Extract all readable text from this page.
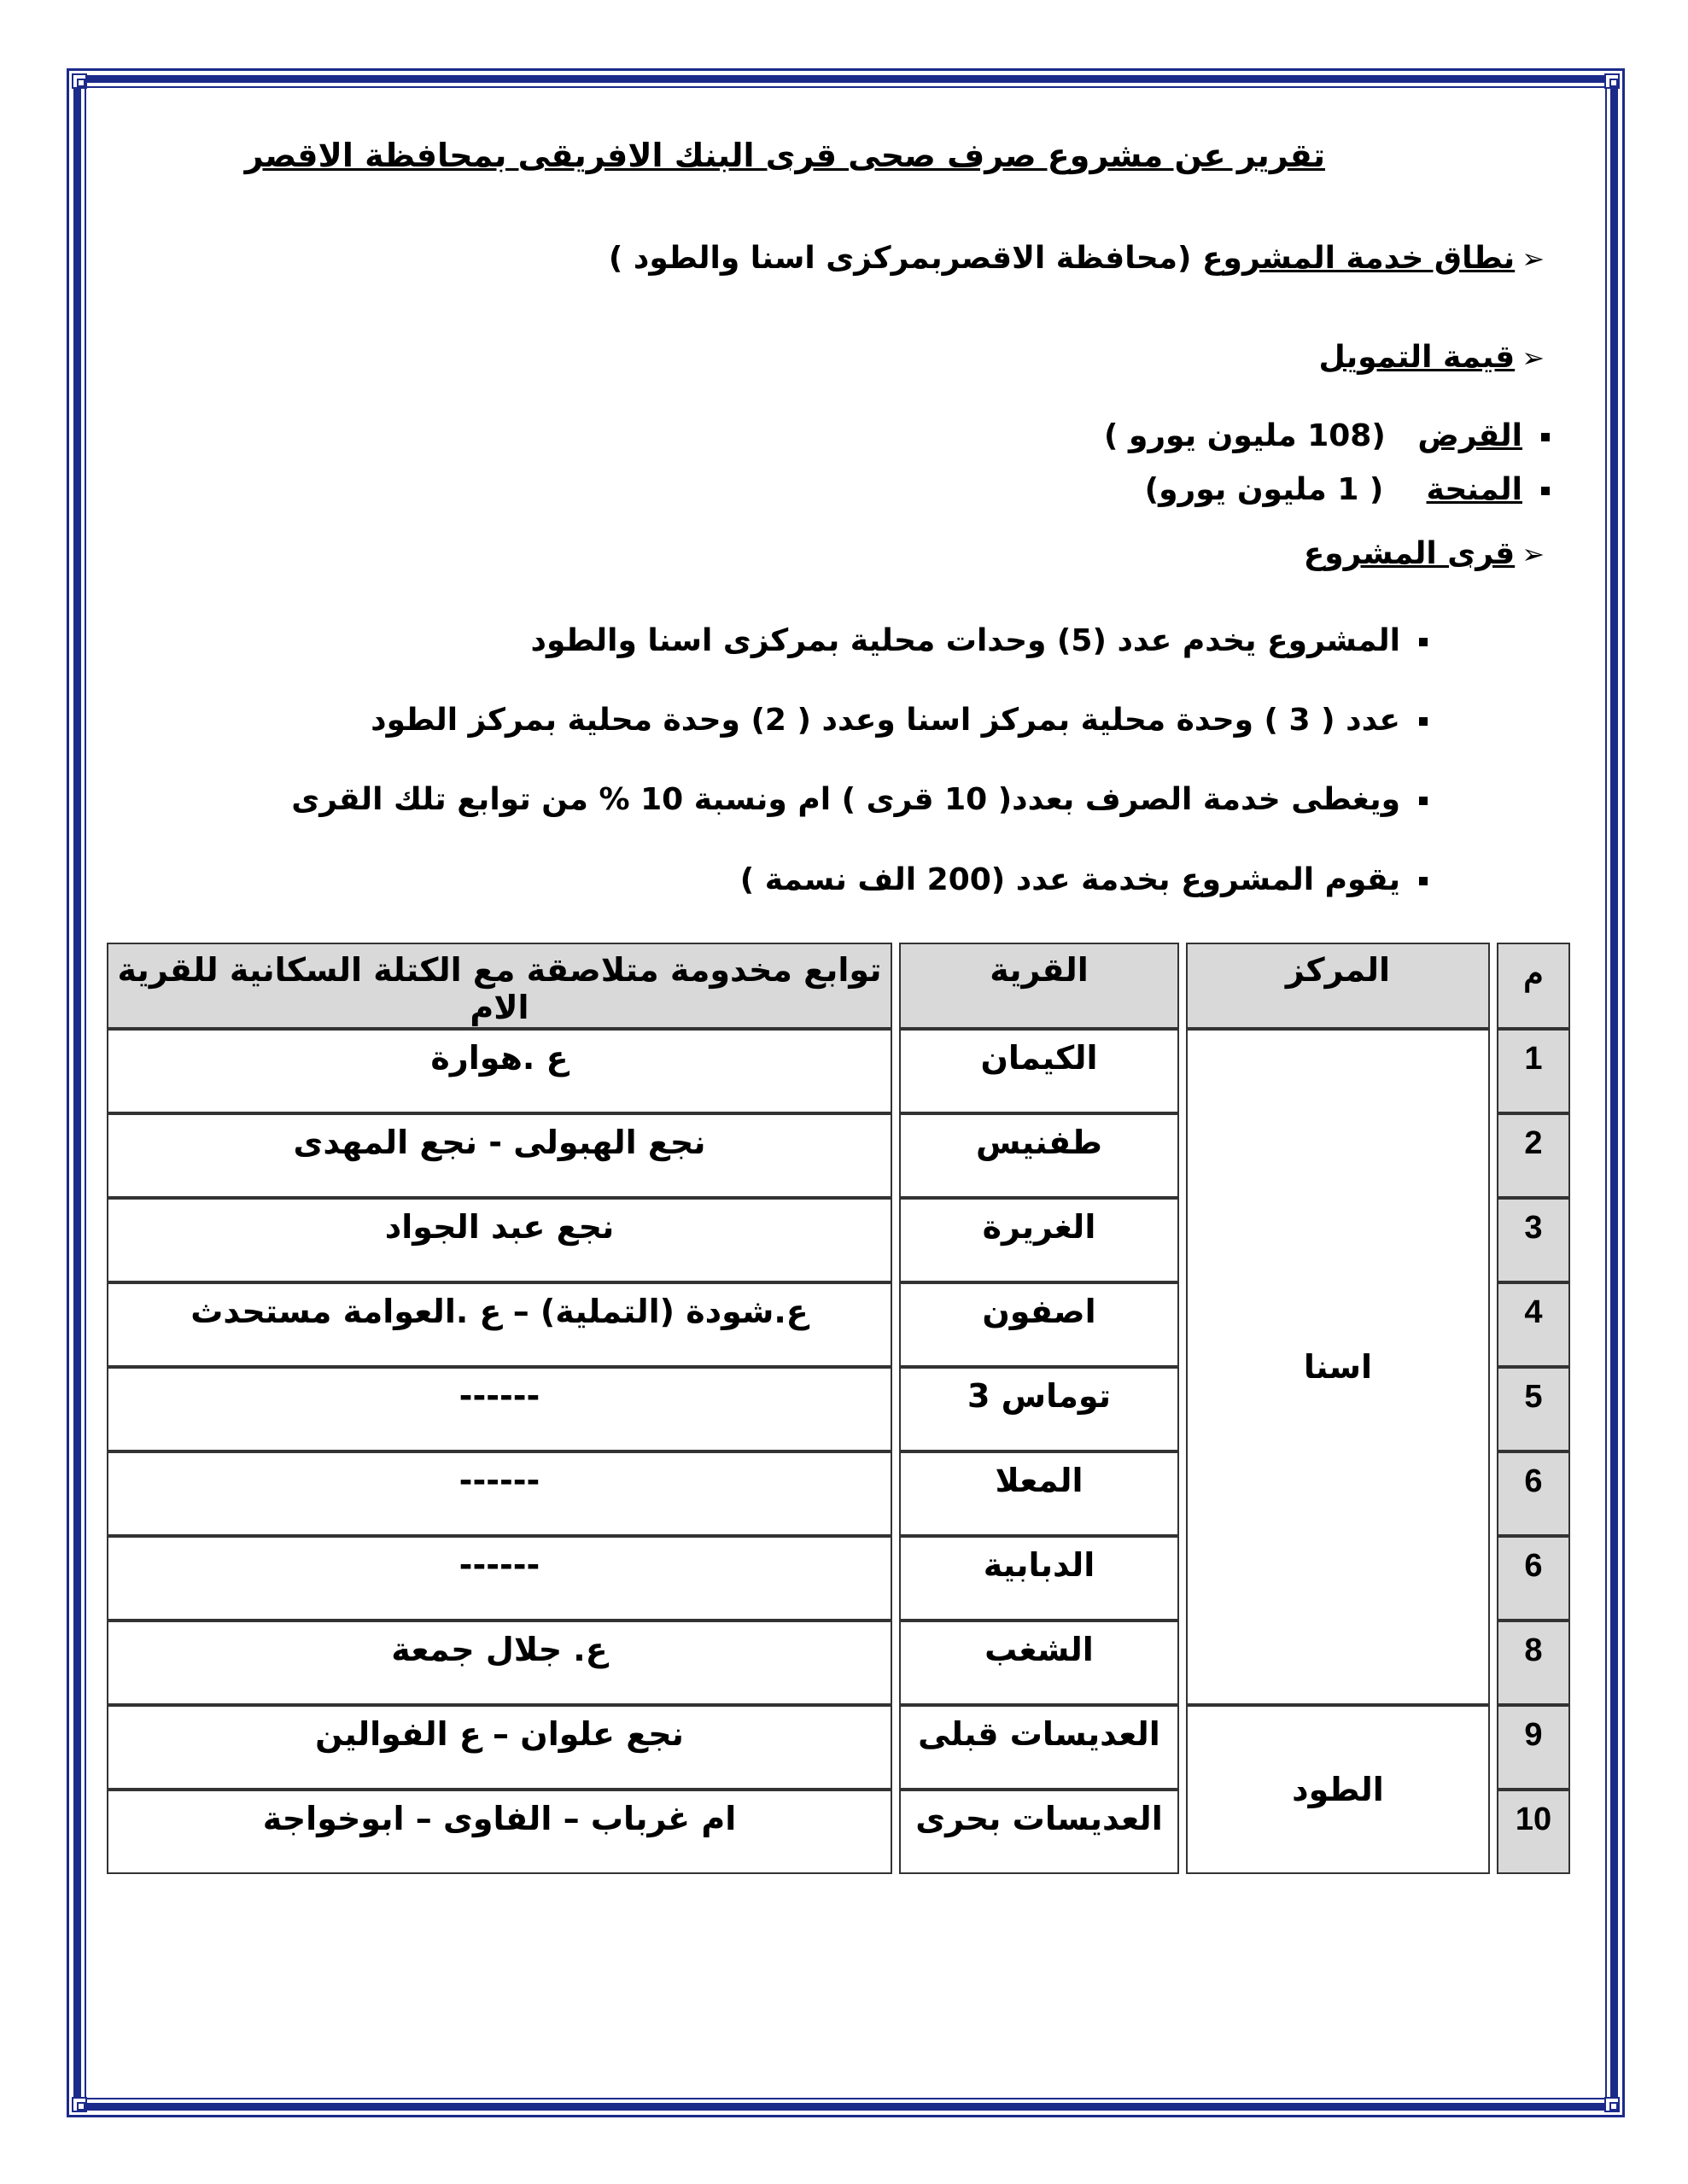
تقرير عن مشروع صرف صحى قرى البنك الافريقى بمحافظة الاقصر
➢نطاق خدمة المشروع (محافظة الاقصربمركزى اسنا والطود )
➢قيمة التمويل
القرض   (108 مليون يورو )
المنحة    ( 1 مليون يورو)
➢قرى المشروع
المشروع يخدم عدد (5) وحدات محلية بمركزى اسنا والطود
عدد ( 3 ) وحدة محلية بمركز اسنا وعدد ( 2) وحدة محلية بمركز الطود
ويغطى خدمة الصرف بعدد( 10 قرى ) ام ونسبة 10 % من توابع تلك القرى
يقوم المشروع بخدمة عدد (200 الف نسمة )
م		المركز		القرية		توابع مخدومة متلاصقة مع الكتلة السكانية للقرية الام
1		اسنا		الكيمان		ع .هوارة
2				طفنيس		نجع الهبولى - نجع المهدى
3				الغريرة		نجع عبد الجواد
4				اصفون		ع.شودة (التملية) – ع .العوامة مستحدث
5				توماس 3		------
6				المعلا		------
6				الدبابية		------
8				الشغب		ع. جلال جمعة
9		الطود		العديسات قبلى		نجع علوان – ع الفوالين
10				العديسات بحرى		ام غرباب – الفاوى – ابوخواجة
